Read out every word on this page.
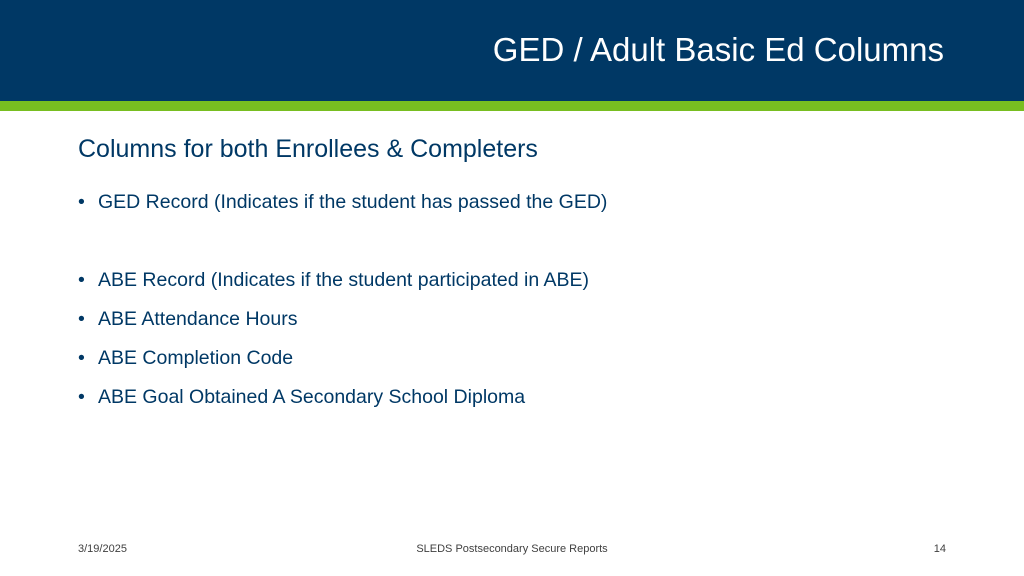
GED / Adult Basic Ed Columns
Columns for both Enrollees & Completers
• GED Record (Indicates if the student has passed the GED)
• ABE Record (Indicates if the student participated in ABE)
• ABE Attendance Hours
• ABE Completion Code
• ABE Goal Obtained A Secondary School Diploma
3/19/2025	SLEDS Postsecondary Secure Reports	14
